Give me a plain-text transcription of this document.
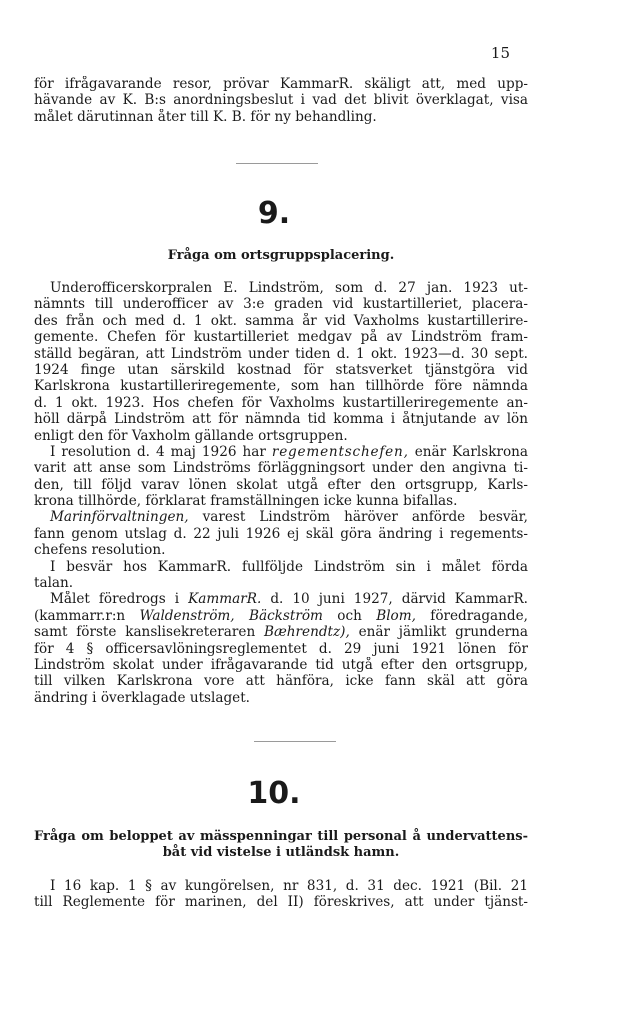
15
för ifrågavarande resor, prövar KammarR. skäligt att, med upp-
hävande av K. B:s anordningsbeslut i vad det blivit överklagat, visa
målet därutinnan åter till K. B. för ny behandling.
9.
Fråga om ortsgruppsplacering.
Underofficerskorpralen E. Lindström, som d. 27 jan. 1923 ut-
nämnts till underofficer av 3:e graden vid kustartilleriet, placera-
des från och med d. 1 okt. samma år vid Vaxholms kustartillerire-
gemente. Chefen för kustartilleriet medgav på av Lindström fram-
ställd begäran, att Lindström under tiden d. 1 okt. 1923—d. 30 sept.
1924 finge utan särskild kostnad för statsverket tjänstgöra vid
Karlskrona kustartilleriregemente, som han tillhörde före nämnda
d. 1 okt. 1923. Hos chefen för Vaxholms kustartilleriregemente an-
höll därpå Lindström att för nämnda tid komma i åtnjutande av lön
enligt den för Vaxholm gällande ortsgruppen.
I resolution d. 4 maj 1926 har regementschefen, enär Karlskrona
varit att anse som Lindströms förläggningsort under den angivna ti-
den, till följd varav lönen skolat utgå efter den ortsgrupp, Karls-
krona tillhörde, förklarat framställningen icke kunna bifallas.
Marinförvaltningen, varest Lindström häröver anförde besvär,
fann genom utslag d. 22 juli 1926 ej skäl göra ändring i regements-
chefens resolution.
I besvär hos KammarR. fullföljde Lindström sin i målet förda
talan.
Målet föredrogs i KammarR. d. 10 juni 1927, därvid KammarR.
(kammarr.r:n Waldenström, Bäckström och Blom, föredragande,
samt förste kanslisekreteraren Bæhrendtz), enär jämlikt grunderna
för 4 § officersavlöningsreglementet d. 29 juni 1921 lönen för
Lindström skolat under ifrågavarande tid utgå efter den ortsgrupp,
till vilken Karlskrona vore att hänföra, icke fann skäl att göra
ändring i överklagade utslaget.
10.
Fråga om beloppet av mässpenningar till personal å undervattens-
båt vid vistelse i utländsk hamn.
I 16 kap. 1 § av kungörelsen, nr 831, d. 31 dec. 1921 (Bil. 21
till Reglemente för marinen, del II) föreskrives, att under tjänst-
